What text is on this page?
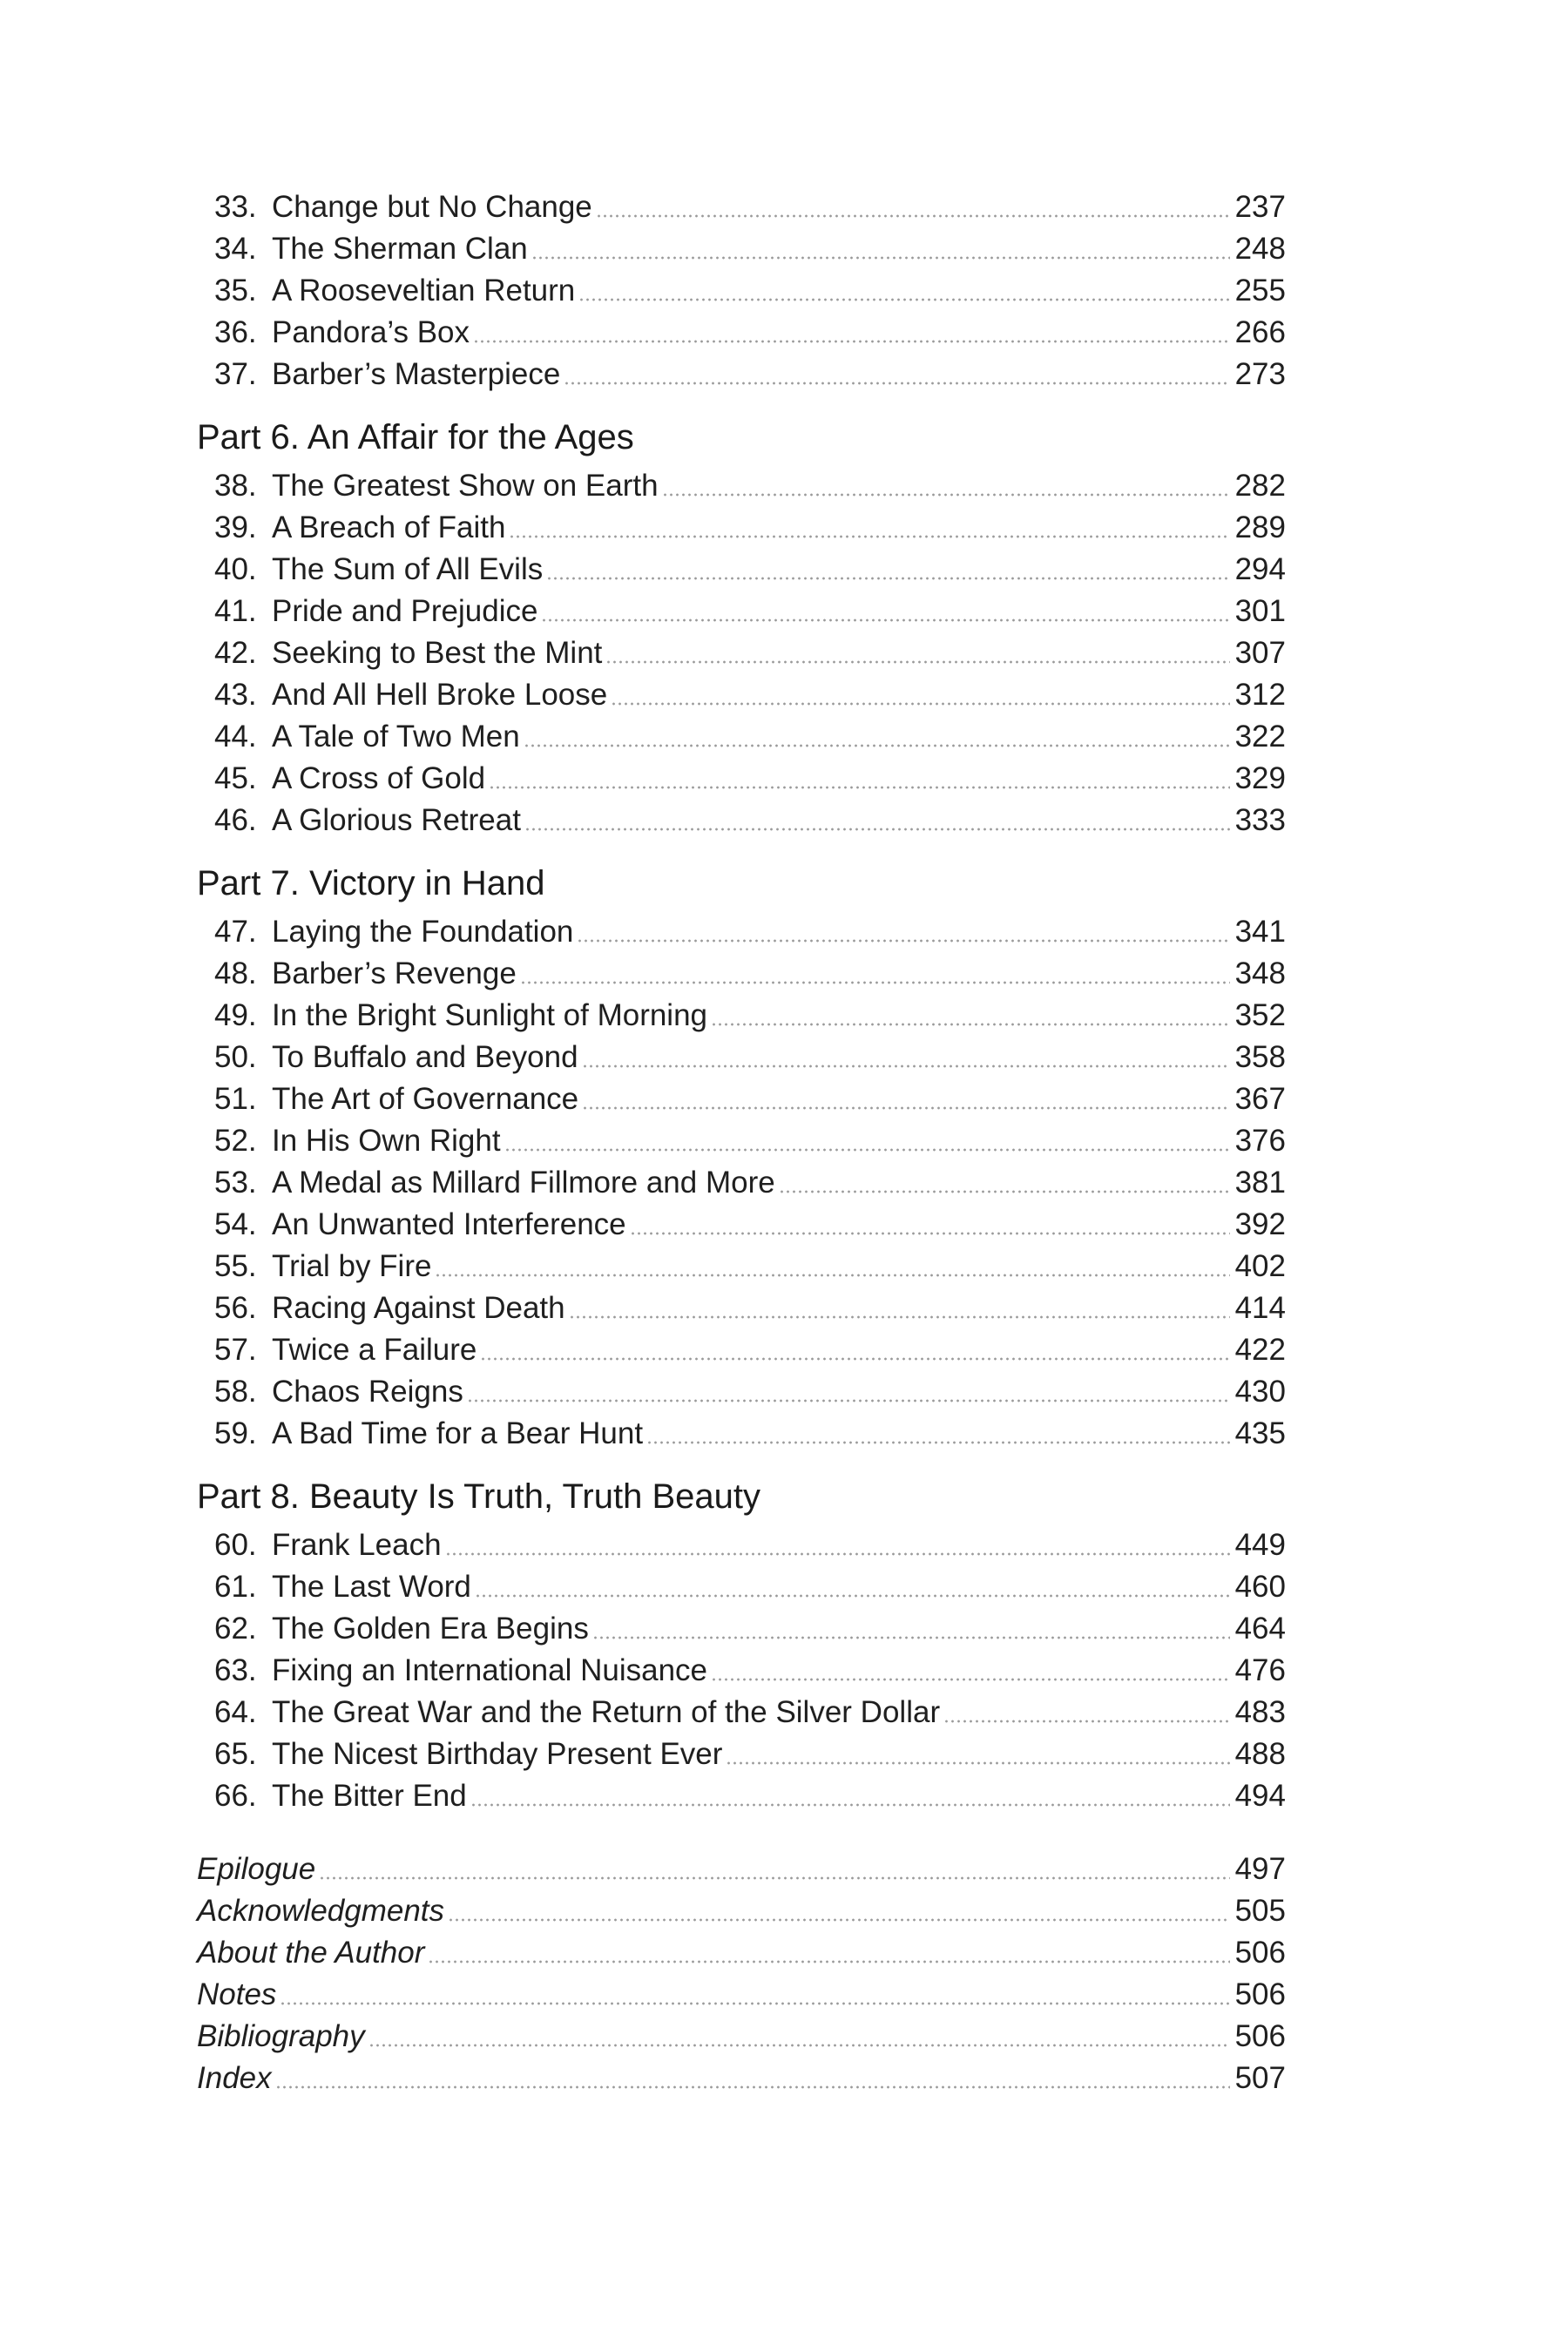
33. Change but No Change	237
34. The Sherman Clan	248
35. A Rooseveltian Return	255
36. Pandora’s Box	266
37. Barber’s Masterpiece	273
Part 6. An Affair for the Ages
38. The Greatest Show on Earth	282
39. A Breach of Faith	289
40. The Sum of All Evils	294
41. Pride and Prejudice	301
42. Seeking to Best the Mint	307
43. And All Hell Broke Loose	312
44. A Tale of Two Men	322
45. A Cross of Gold	329
46. A Glorious Retreat	333
Part 7. Victory in Hand
47. Laying the Foundation	341
48. Barber’s Revenge	348
49. In the Bright Sunlight of Morning	352
50. To Buffalo and Beyond	358
51. The Art of Governance	367
52. In His Own Right	376
53. A Medal as Millard Fillmore and More	381
54. An Unwanted Interference	392
55. Trial by Fire	402
56. Racing Against Death	414
57. Twice a Failure	422
58. Chaos Reigns	430
59. A Bad Time for a Bear Hunt	435
Part 8. Beauty Is Truth, Truth Beauty
60. Frank Leach	449
61. The Last Word	460
62. The Golden Era Begins	464
63. Fixing an International Nuisance	476
64. The Great War and the Return of the Silver Dollar	483
65. The Nicest Birthday Present Ever	488
66. The Bitter End	494
Epilogue	497
Acknowledgments	505
About the Author	506
Notes	506
Bibliography	506
Index	507
